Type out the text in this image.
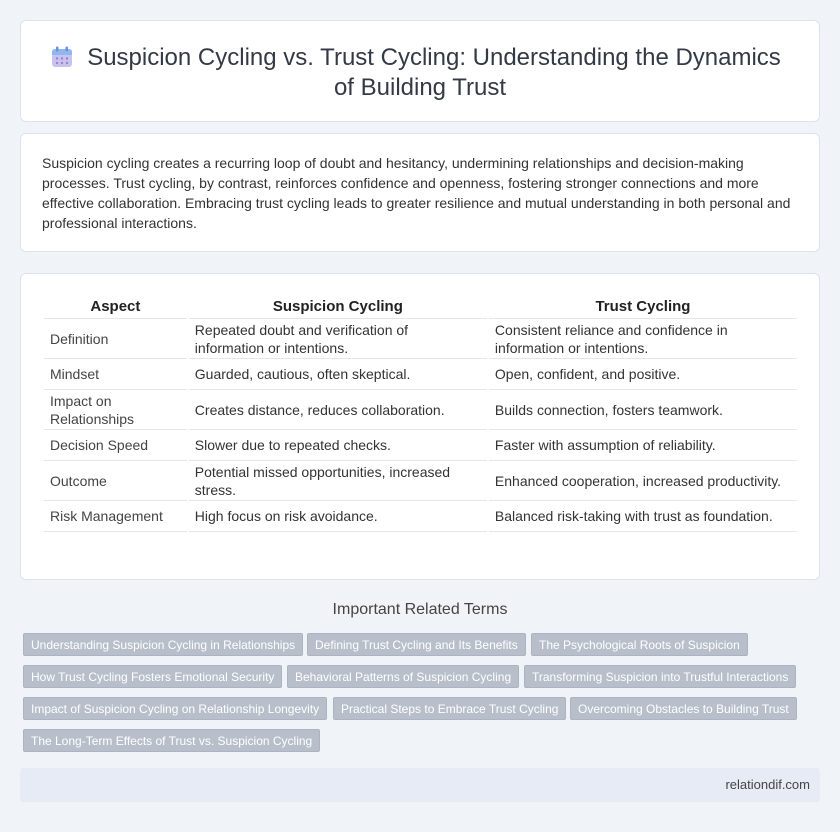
Suspicion Cycling vs. Trust Cycling: Understanding the Dynamics of Building Trust

Suspicion cycling creates a recurring loop of doubt and hesitancy, undermining relationships and decision-making processes. Trust cycling, by contrast, reinforces confidence and openness, fostering stronger connections and more effective collaboration. Embracing trust cycling leads to greater resilience and mutual understanding in both personal and professional interactions.

Aspect	Suspicion Cycling	Trust Cycling
Definition	Repeated doubt and verification of information or intentions.	Consistent reliance and confidence in information or intentions.
Mindset	Guarded, cautious, often skeptical.	Open, confident, and positive.
Impact on Relationships	Creates distance, reduces collaboration.	Builds connection, fosters teamwork.
Decision Speed	Slower due to repeated checks.	Faster with assumption of reliability.
Outcome	Potential missed opportunities, increased stress.	Enhanced cooperation, increased productivity.
Risk Management	High focus on risk avoidance.	Balanced risk-taking with trust as foundation.
Important Related Terms
Understanding Suspicion Cycling in Relationships	Defining Trust Cycling and Its Benefits	The Psychological Roots of Suspicion
How Trust Cycling Fosters Emotional Security	Behavioral Patterns of Suspicion Cycling	Transforming Suspicion into Trustful Interactions
Impact of Suspicion Cycling on Relationship Longevity	Practical Steps to Embrace Trust Cycling	Overcoming Obstacles to Building Trust
The Long-Term Effects of Trust vs. Suspicion Cycling
relationdif.com
